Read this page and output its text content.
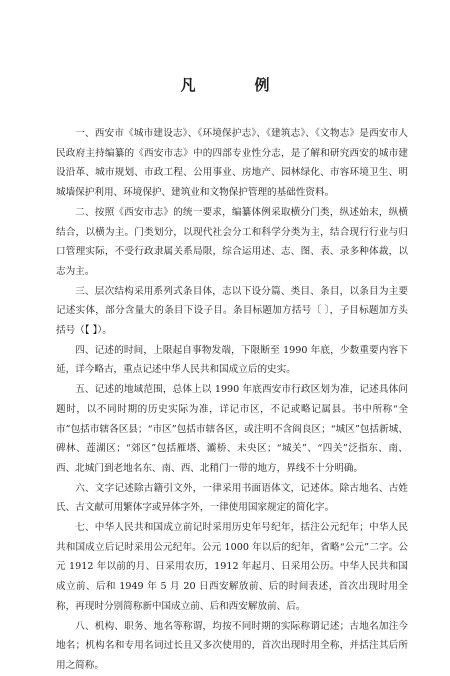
凡　例

一、西安市《城市建设志》、《环境保护志》、《建筑志》、《文物志》是西安市人民政府主持编纂的《西安市志》中的四部专业性分志，是了解和研究西安的城市建设沿革、城市规划、市政工程、公用事业、房地产、园林绿化、市容环境卫生、明城墙保护利用、环境保护、建筑业和文物保护管理的基础性资料。

二、按照《西安市志》的统一要求，编纂体例采取横分门类，纵述始末，纵横结合，以横为主。门类划分，以现代社会分工和科学分类为主，结合现行行业与归口管理实际，不受行政隶属关系局限，综合运用述、志、图、表、录多种体裁，以志为主。

三、层次结构采用系列式条目体，志以下设分篇、类目、条目，以条目为主要记述实体，部分含量大的条目下设子目。条目标题加方括号〔 〕，子目标题加方头括号（【 】）。

四、记述的时间，上限起自事物发端，下限断至 1990 年底，少数重要内容下延，详今略古，重点记述中华人民共和国成立后的史实。

五、记述的地域范围，总体上以 1990 年底西安市行政区划为准，记述具体问题时，以不同时期的历史实际为准，详记市区，不记或略记属县。书中所称“全市”包括市辖各区县；“市区”包括市辖各区，或注明不含阎良区；“城区”包括新城、碑林、莲湖区；“郊区”包括雁塔、灞桥、未央区；“城关”、“四关”泛指东、南、西、北城门到老地名东、南、西、北稍门一带的地方，界线不十分明确。

六、文字记述除古籍引文外，一律采用书面语体文，记述体。除古地名、古姓氏、古文献可用繁体字或异体字外，一律使用国家规定的简化字。

七、中华人民共和国成立前记时采用历史年号纪年，括注公元纪年；中华人民共和国成立后记时采用公元纪年。公元 1000 年以后的纪年，省略“公元”二字。公元 1912 年以前的月、日采用农历，1912 年起月、日采用公历。中华人民共和国成立前、后和 1949 年 5 月 20 日西安解放前、后的时间表述，首次出现时用全称，再现时分别简称新中国成立前、后和西安解放前、后。

八、机构、职务、地名等称谓，均按不同时期的实际称谓记述；古地名加注今地名；机构名和专用名词过长且又多次使用的，首次出现时用全称，并括注其后所用之简称。
